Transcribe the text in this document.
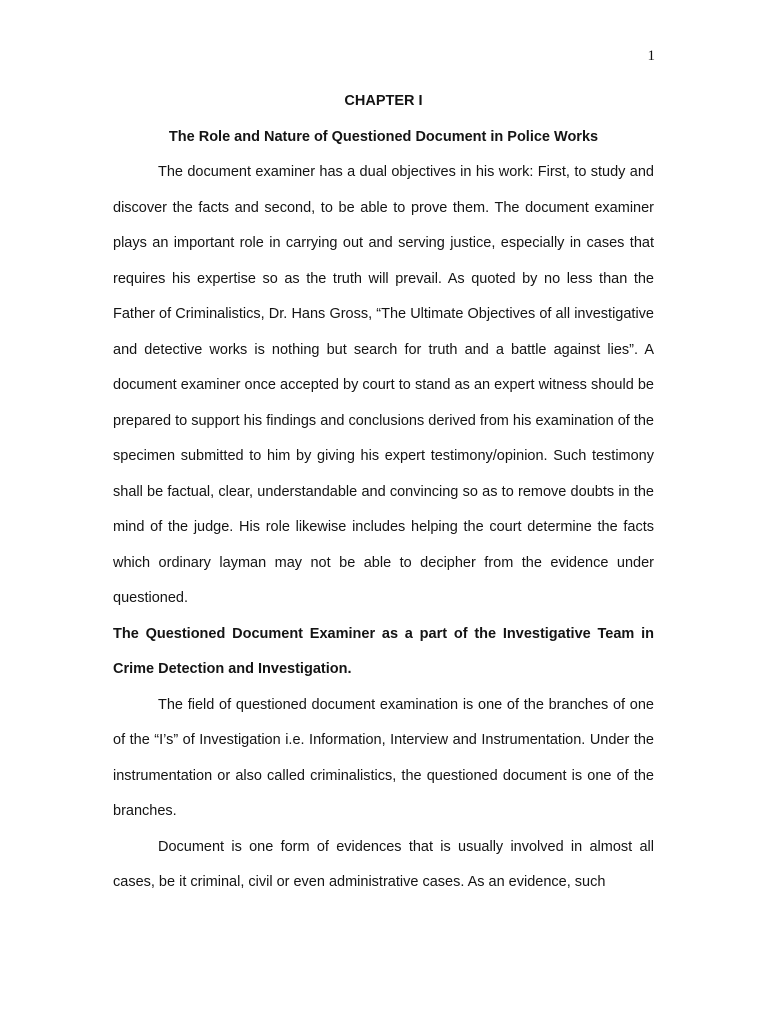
1

CHAPTER I

The Role and Nature of Questioned Document in Police Works

The document examiner has a dual objectives in his work: First, to study and discover the facts and second, to be able to prove them. The document examiner plays an important role in carrying out and serving justice, especially in cases that requires his expertise so as the truth will prevail. As quoted by no less than the Father of Criminalistics, Dr. Hans Gross, “The Ultimate Objectives of all investigative and detective works is nothing but search for truth and a battle against lies”. A document examiner once accepted by court to stand as an expert witness should be prepared to support his findings and conclusions derived from his examination of the specimen submitted to him by giving his expert testimony/opinion. Such testimony shall be factual, clear, understandable and convincing so as to remove doubts in the mind of the judge. His role likewise includes helping the court determine the facts which ordinary layman may not be able to decipher from the evidence under questioned.

The Questioned Document Examiner as a part of the Investigative Team in Crime Detection and Investigation.

The field of questioned document examination is one of the branches of one of the “I’s” of Investigation i.e. Information, Interview and Instrumentation. Under the instrumentation or also called criminalistics, the questioned document is one of the branches.

Document is one form of evidences that is usually involved in almost all cases, be it criminal, civil or even administrative cases. As an evidence, such
